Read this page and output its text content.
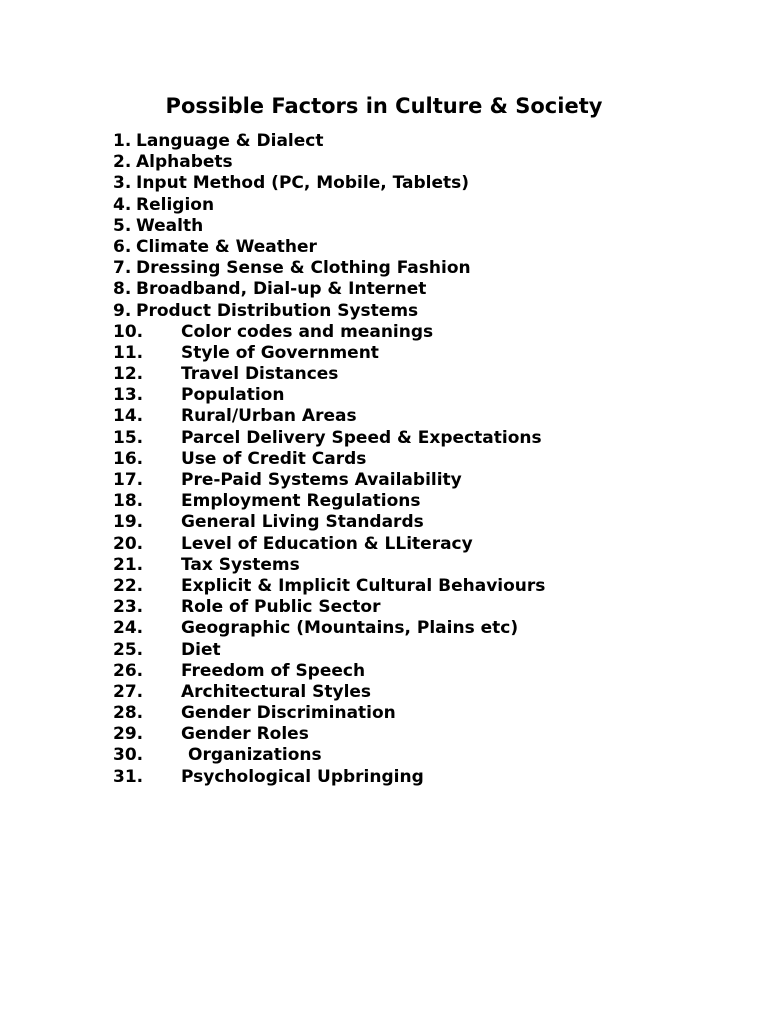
Possible Factors in Culture & Society
1. Language & Dialect
2. Alphabets
3. Input Method (PC, Mobile, Tablets)
4. Religion
5. Wealth
6. Climate & Weather
7. Dressing Sense & Clothing Fashion
8. Broadband, Dial-up & Internet
9. Product Distribution Systems
10.	Color codes and meanings
11.	Style of Government
12.	Travel Distances
13.	Population
14.	Rural/Urban Areas
15.	Parcel Delivery Speed & Expectations
16.	Use of Credit Cards
17.	Pre-Paid Systems Availability
18.	Employment Regulations
19.	General Living Standards
20.	Level of Education & LLiteracy
21.	Tax Systems
22.	Explicit & Implicit Cultural Behaviours
23.	Role of Public Sector
24.	Geographic (Mountains, Plains etc)
25.	Diet
26.	Freedom of Speech
27.	Architectural Styles
28.	Gender Discrimination
29.	Gender Roles
30.	Organizations
31.	Psychological Upbringing
